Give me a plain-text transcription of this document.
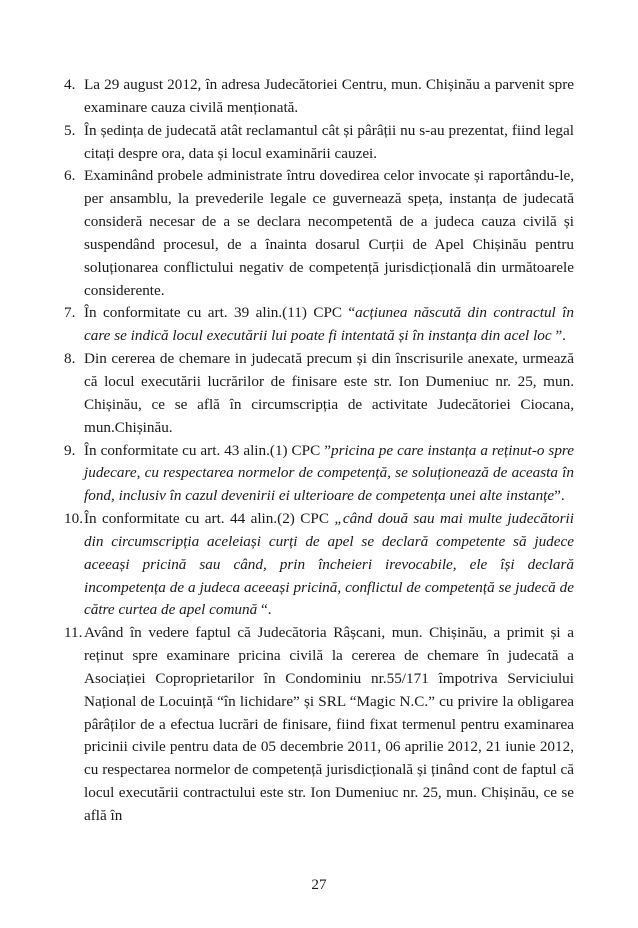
4. La 29 august 2012, în adresa Judecătoriei Centru, mun. Chișinău a parvenit spre examinare cauza civilă menționată.

5. În ședința de judecată atât reclamantul cât și pârâții nu s-au prezentat, fiind legal citați despre ora, data și locul examinării cauzei.

6. Examinând probele administrate întru dovedirea celor invocate și raportându-le, per ansamblu, la prevederile legale ce guvernează spețа, instanța de judecată consideră necesar de a se declara necompetentă de a judeca cauza civilă și suspendând procesul, de a înainta dosarul Curții de Apel Chișinău pentru soluționarea conflictului negativ de competență jurisdicțională din următoarele considerente.

7. În conformitate cu art. 39 alin.(11) CPC “acțiunea născută din contractul în care se indică locul executării lui poate fi intentată și în instanța din acel loc ”.

8. Din cererea de chemare in judecată precum și din înscrisurile anexate, urmează că locul executării lucrărilor de finisare este str. Ion Dumeniuc nr. 25, mun. Chișinău, ce se află în circumscripția de activitate Judecătoriei Ciocana, mun.Chișinău.

9. În conformitate cu art. 43 alin.(1) CPC ”pricina pe care instanța a reținut-o spre judecare, cu respectarea normelor de competență, se soluționează de aceasta în fond, inclusiv în cazul devenirii ei ulterioare de competența unei alte instanțe”.

10. În conformitate cu art. 44 alin.(2) CPC „când două sau mai multe judecătorii din circumscripția aceleiași curți de apel se declară competente să judece aceeași pricină sau când, prin încheieri irevocabile, ele își declară incompetența de a judeca aceeași pricină, conflictul de competență se judecă de către curtea de apel comună “.

11. Având în vedere faptul că Judecătoria Râșcani, mun. Chișinău, a primit și a reținut spre examinare pricina civilă la cererea de chemare în judecată a Asociației Coproprietarilor în Condominiu nr.55/171 împotriva Serviciului Național de Locuință “în lichidare” și SRL “Magic N.C.” cu privire la obligarea pârâților de a efectua lucrări de finisare, fiind fixat termenul pentru examinarea pricinii civile pentru data de 05 decembrie 2011, 06 aprilie 2012, 21 iunie 2012, cu respectarea normelor de competență jurisdicțională și ținând cont de faptul că locul executării contractului este str. Ion Dumeniuc nr. 25, mun. Chișinău, ce se află în

27
